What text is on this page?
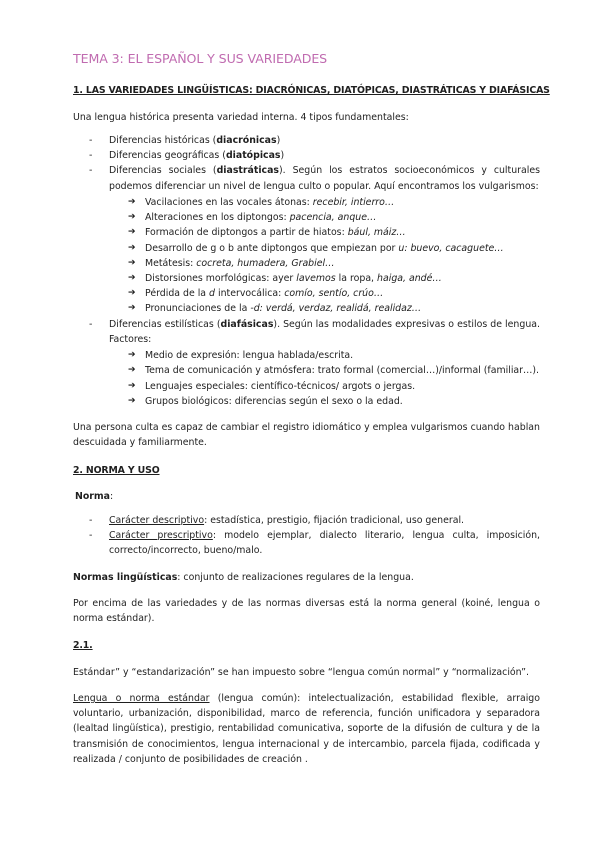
TEMA 3: EL ESPAÑOL Y SUS VARIEDADES
1. LAS VARIEDADES LINGÜÍSTICAS: DIACRÓNICAS, DIATÓPICAS, DIASTRÁTICAS Y DIAFÁSICAS
Una lengua histórica presenta variedad interna. 4 tipos fundamentales:
- Diferencias históricas (diacrónicas)
- Diferencias geográficas (diatópicas)
- Diferencias sociales (diastráticas). Según los estratos socioeconómicos y culturales podemos diferenciar un nivel de lengua culto o popular. Aquí encontramos los vulgarismos:
➔ Vacilaciones en las vocales átonas: recebir, intierro…
➔ Alteraciones en los diptongos: pacencia, anque…
➔ Formación de diptongos a partir de hiatos: bául, máiz…
➔ Desarrollo de g o b ante diptongos que empiezan por u: buevo, cacaguete…
➔ Metátesis: cocreta, humadera, Grabiel…
➔ Distorsiones morfológicas: ayer lavemos la ropa, haiga, andé…
➔ Pérdida de la d intervocálica: comío, sentío, crúo…
➔ Pronunciaciones de la -d: verdá, verdaz, realidá, realidaz…
- Diferencias estilísticas (diafásicas). Según las modalidades expresivas o estilos de lengua. Factores:
➔ Medio de expresión: lengua hablada/escrita.
➔ Tema de comunicación y atmósfera: trato formal (comercial…)/informal (familiar…).
➔ Lenguajes especiales: científico-técnicos/ argots o jergas.
➔ Grupos biológicos: diferencias según el sexo o la edad.
Una persona culta es capaz de cambiar el registro idiomático y emplea vulgarismos cuando hablan descuidada y familiarmente.
2. NORMA Y USO
Norma:
- Carácter descriptivo: estadística, prestigio, fijación tradicional, uso general.
- Carácter prescriptivo: modelo ejemplar, dialecto literario, lengua culta, imposición, correcto/incorrecto, bueno/malo.
Normas lingüísticas: conjunto de realizaciones regulares de la lengua.
Por encima de las variedades y de las normas diversas está la norma general (koiné, lengua o norma estándar).
2.1.
Estándar” y “estandarización” se han impuesto sobre “lengua común normal” y “normalización”.
Lengua o norma estándar (lengua común): intelectualización, estabilidad flexible, arraigo voluntario, urbanización, disponibilidad, marco de referencia, función unificadora y separadora (lealtad lingüística), prestigio, rentabilidad comunicativa, soporte de la difusión de cultura y de la transmisión de conocimientos, lengua internacional y de intercambio, parcela fijada, codificada y realizada / conjunto de posibilidades de creación .
